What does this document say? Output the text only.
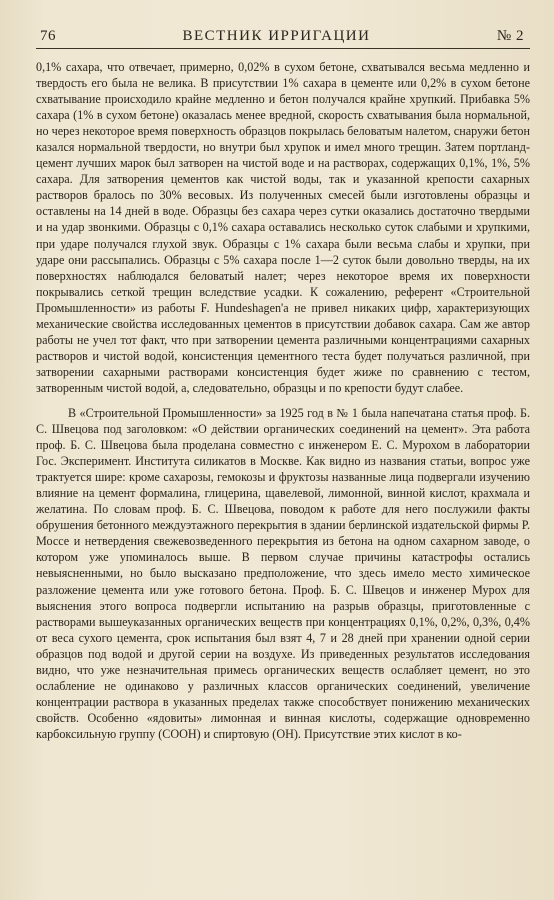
76	ВЕСТНИК ИРРИГАЦИИ	№ 2

0,1% сахара, что отвечает, примерно, 0,02% в сухом бетоне, схватывался весьма медленно и твердость его была не велика. В присутствии 1% сахара в цементе или 0,2% в сухом бетоне схватывание происходило крайне медленно и бетон получался крайне хрупкий. Прибавка 5% сахара (1% в сухом бетоне) оказалась менее вредной, скорость схватывания была нормальной, но через некоторое время поверхность образцов покрылась беловатым налетом, снаружи бетон казался нормальной твердости, но внутри был хрупок и имел много трещин. Затем портланд-цемент лучших марок был затворен на чистой воде и на растворах, содержащих 0,1%, 1%, 5% сахара. Для затворения цементов как чистой воды, так и указанной крепости сахарных растворов бралось по 30% весовых. Из полученных смесей были изготовлены образцы и оставлены на 14 дней в воде. Образцы без сахара через сутки оказались достаточно твердыми и на удар звонкими. Образцы с 0,1% сахара оставались несколько суток слабыми и хрупкими, при ударе получался глухой звук. Образцы с 1% сахара были весьма слабы и хрупки, при ударе они рассыпались. Образцы с 5% сахара после 1—2 суток были довольно тверды, на их поверхностях наблюдался беловатый налет; через некоторое время их поверхности покрывались сеткой трещин вследствие усадки. К сожалению, референт «Строительной Промышленности» из работы F. Hundeshagen'a не привел никаких цифр, характеризующих механические свойства исследованных цементов в присутствии добавок сахара. Сам же автор работы не учел тот факт, что при затворении цемента различными концентрациями сахарных растворов и чистой водой, консистенция цементного теста будет получаться различной, при затворении сахарными растворами консистенция будет жиже по сравнению с тестом, затворенным чистой водой, а, следовательно, образцы и по крепости будут слабее.

В «Строительной Промышленности» за 1925 год в № 1 была напечатана статья проф. Б. С. Швецова под заголовком: «О действии органических соединений на цемент». Эта работа проф. Б. С. Швецова была проделана совместно с инженером Е. С. Мурохом в лаборатории Гос. Эксперимент. Института силикатов в Москве. Как видно из названия статьи, вопрос уже трактуется шире: кроме сахарозы, гемокозы и фруктозы названные лица подвергали изучению влияние на цемент формалина, глицерина, щавелевой, лимонной, винной кислот, крахмала и желатина. По словам проф. Б. С. Швецова, поводом к работе для него послужили факты обрушения бетонного междуэтажного перекрытия в здании берлинской издательской фирмы Р. Моссе и нетвердения свежевозведенного перекрытия из бетона на одном сахарном заводе, о котором уже упоминалось выше. В первом случае причины катастрофы остались невыясненными, но было высказано предположение, что здесь имело место химическое разложение цемента или уже готового бетона. Проф. Б. С. Швецов и инженер Мурох для выяснения этого вопроса подвергли испытанию на разрыв образцы, приготовленные с растворами вышеуказанных органических веществ при концентрациях 0,1%, 0,2%, 0,3%, 0,4% от веса сухого цемента, срок испытания был взят 4, 7 и 28 дней при хранении одной серии образцов под водой и другой серии на воздухе. Из приведенных результатов исследования видно, что уже незначительная примесь органических веществ ослабляет цемент, но это ослабление не одинаково у различных классов органических соединений, увеличение концентрации раствора в указанных пределах также способствует понижению механических свойств. Особенно «ядовиты» лимонная и винная кислоты, содержащие одновременно карбоксильную группу (СООН) и спиртовую (ОН). Присутствие этих кислот в ко-
